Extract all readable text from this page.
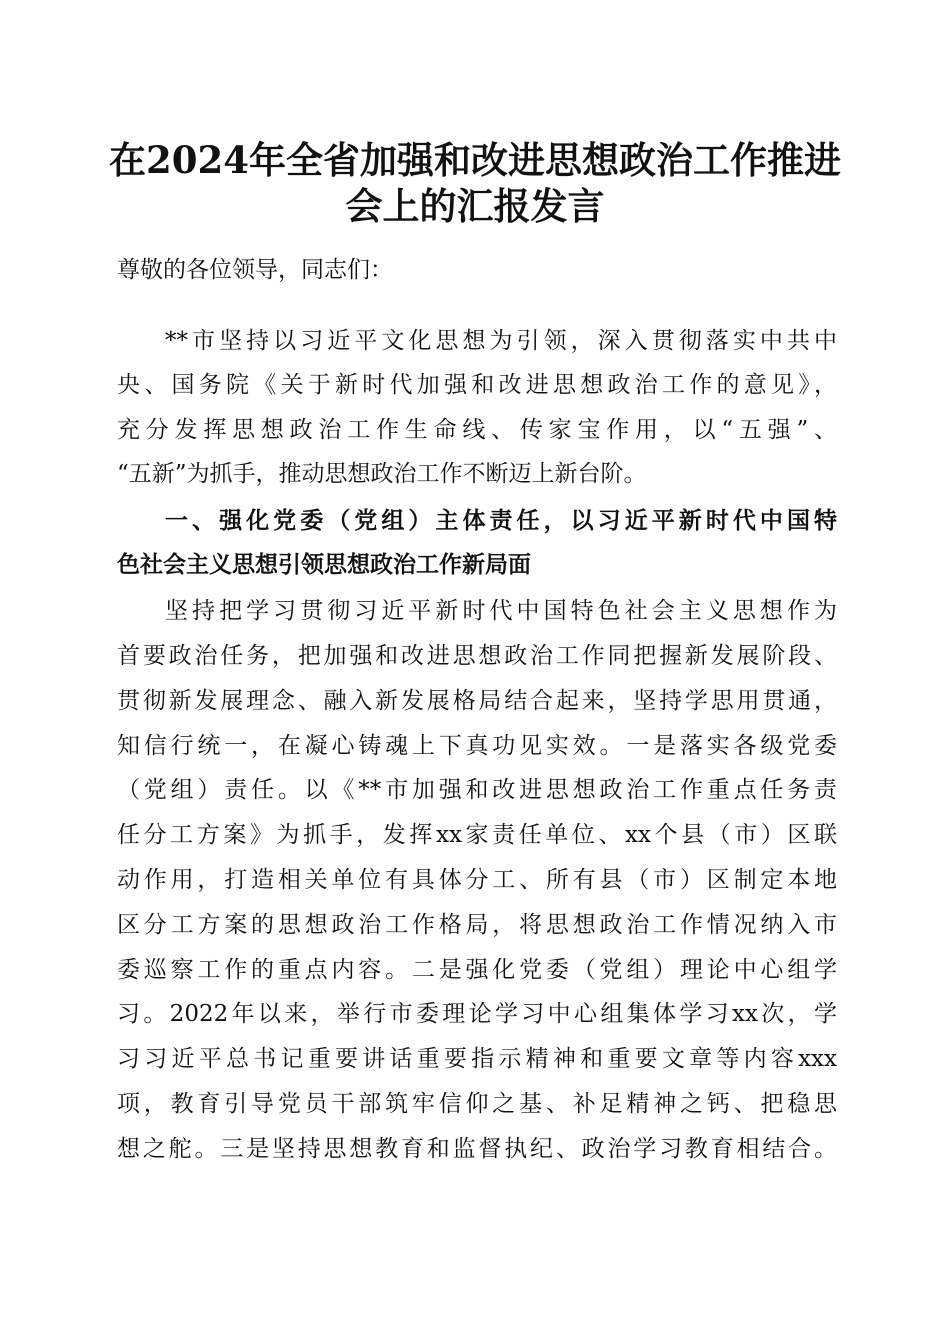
在2024年全省加强和改进思想政治工作推进
会上的汇报发言

尊敬的各位领导，同志们：

**市坚持以习近平文化思想为引领，深入贯彻落实中共中

央、国务院《关于新时代加强和改进思想政治工作的意见》，

充分发挥思想政治工作生命线、传家宝作用，以“五强”、

“五新”为抓手，推动思想政治工作不断迈上新台阶。

一、强化党委（党组）主体责任，以习近平新时代中国特

色社会主义思想引领思想政治工作新局面

坚持把学习贯彻习近平新时代中国特色社会主义思想作为

首要政治任务，把加强和改进思想政治工作同把握新发展阶段、

贯彻新发展理念、融入新发展格局结合起来，坚持学思用贯通，

知信行统一，在凝心铸魂上下真功见实效。一是落实各级党委

（党组）责任。以《**市加强和改进思想政治工作重点任务责

任分工方案》为抓手，发挥xx家责任单位、xx个县（市）区联

动作用，打造相关单位有具体分工、所有县（市）区制定本地

区分工方案的思想政治工作格局，将思想政治工作情况纳入市

委巡察工作的重点内容。二是强化党委（党组）理论中心组学

习。2022年以来，举行市委理论学习中心组集体学习xx次，学

习习近平总书记重要讲话重要指示精神和重要文章等内容xxx

项，教育引导党员干部筑牢信仰之基、补足精神之钙、把稳思

想之舵。三是坚持思想教育和监督执纪、政治学习教育相结合。
